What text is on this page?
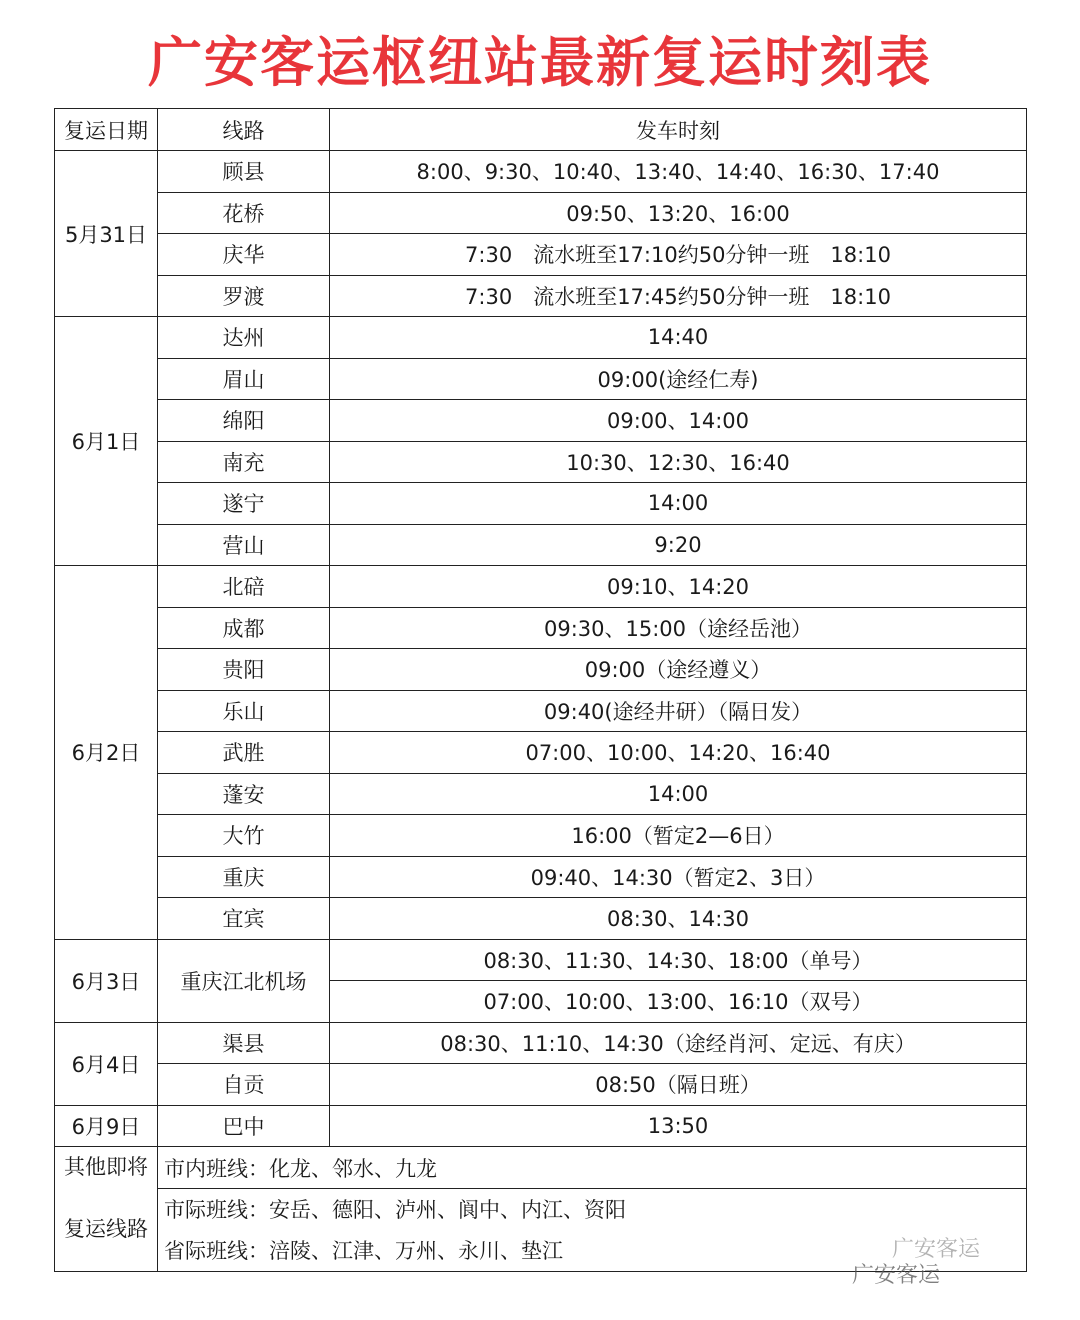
广安客运枢纽站最新复运时刻表
复运日期	线路	发车时刻
5月31日	顾县	8:00、9:30、10:40、13:40、14:40、16:30、17:40
	花桥	09:50、13:20、16:00
	庆华	7:30　流水班至17:10约50分钟一班　18:10
	罗渡	7:30　流水班至17:45约50分钟一班　18:10
6月1日	达州	14:40
	眉山	09:00(途经仁寿)
	绵阳	09:00、14:00
	南充	10:30、12:30、16:40
	遂宁	14:00
	营山	9:20
6月2日	北碚	09:10、14:20
	成都	09:30、15:00（途经岳池）
	贵阳	09:00（途经遵义）
	乐山	09:40(途经井研）（隔日发）
	武胜	07:00、10:00、14:20、16:40
	蓬安	14:00
	大竹	16:00（暂定2—6日）
	重庆	09:40、14:30（暂定2、3日）
	宜宾	08:30、14:30
6月3日	重庆江北机场	08:30、11:30、14:30、18:00（单号）
		07:00、10:00、13:00、16:10（双号）
6月4日	渠县	08:30、11:10、14:30（途经肖河、定远、有庆）
	自贡	08:50（隔日班）
6月9日	巴中	13:50

其他即将
复运线路	市内班线：化龙、邻水、九龙	
	市际班线：安岳、德阳、泸州、阆中、内江、资阳	
	省际班线：涪陵、江津、万州、永川、垫江		广安客运
广安客运
